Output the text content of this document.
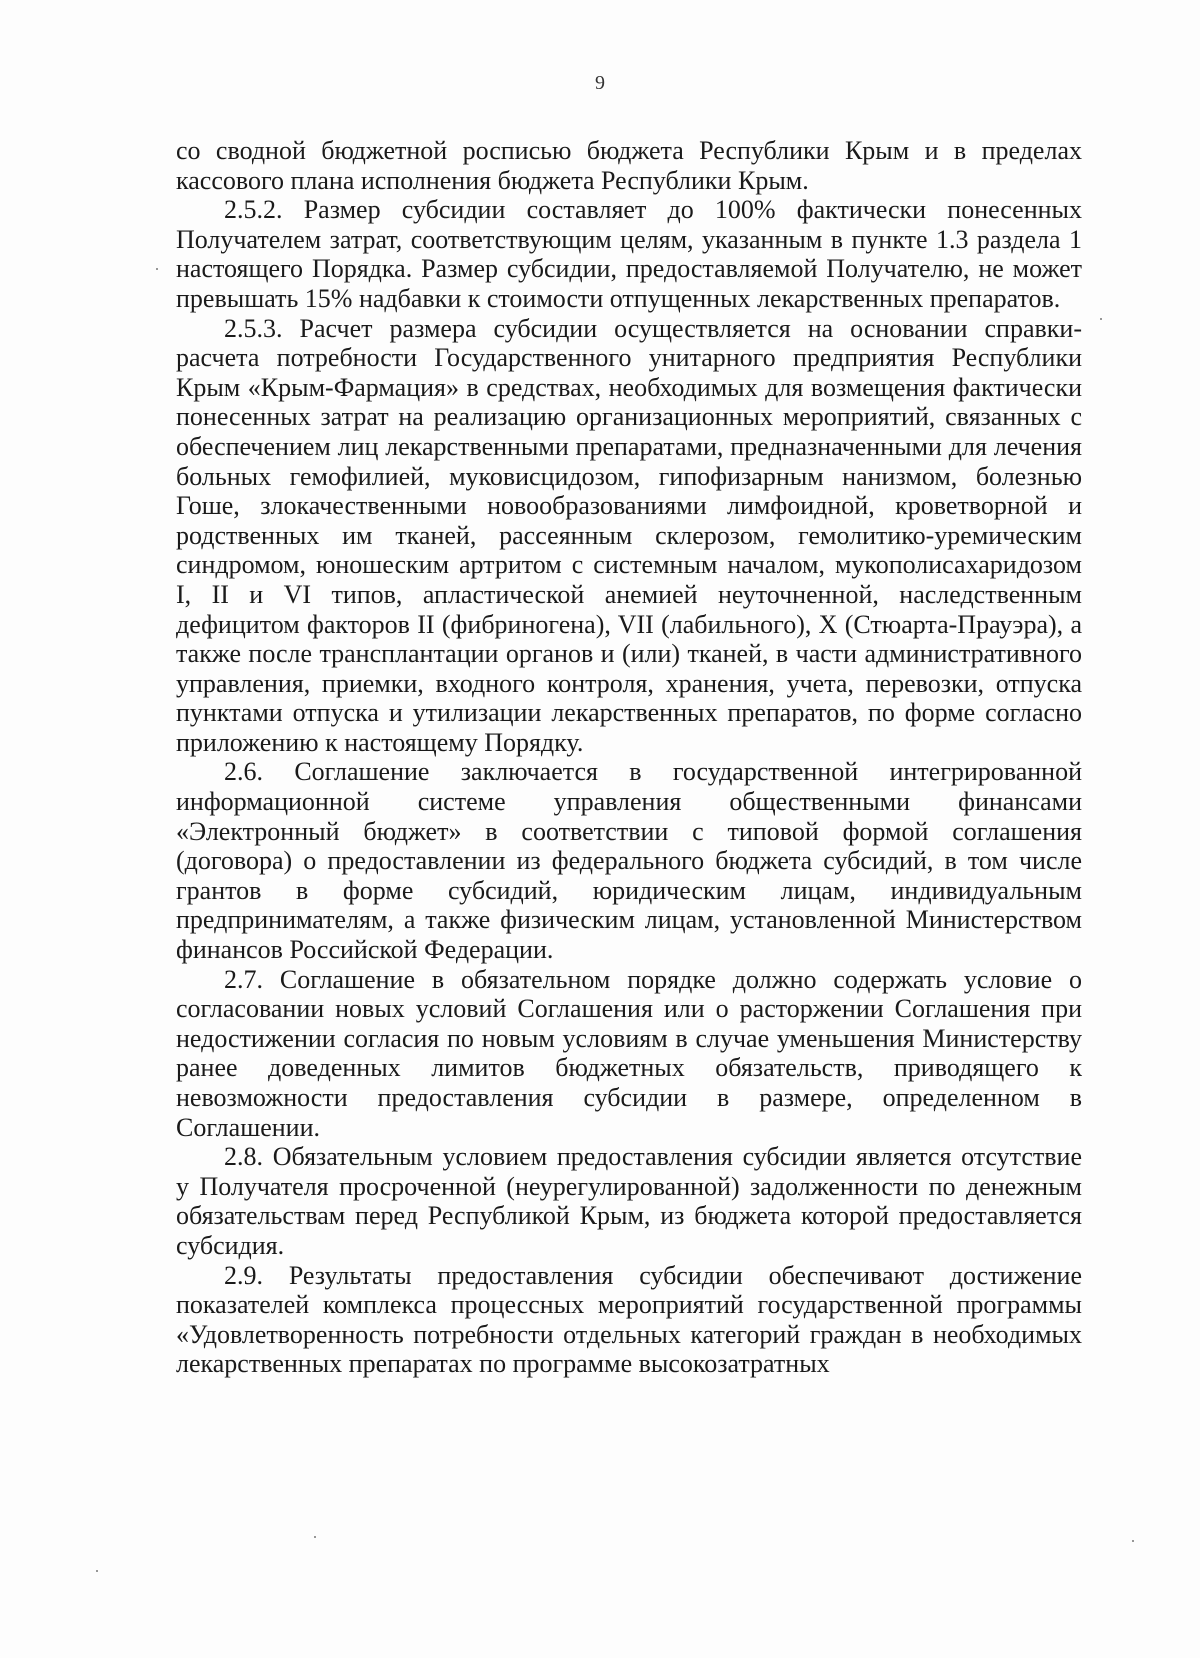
9

со сводной бюджетной росписью бюджета Республики Крым и в пределах кассового плана исполнения бюджета Республики Крым.

2.5.2. Размер субсидии составляет до 100% фактически понесенных Получателем затрат, соответствующим целям, указанным в пункте 1.3 раздела 1 настоящего Порядка. Размер субсидии, предоставляемой Получателю, не может превышать 15% надбавки к стоимости отпущенных лекарственных препаратов.

2.5.3. Расчет размера субсидии осуществляется на основании справки-расчета потребности Государственного унитарного предприятия Республики Крым «Крым-Фармация» в средствах, необходимых для возмещения фактически понесенных затрат на реализацию организационных мероприятий, связанных с обеспечением лиц лекарственными препаратами, предназначенными для лечения больных гемофилией, муковисцидозом, гипофизарным нанизмом, болезнью Гоше, злокачественными новообразованиями лимфоидной, кроветворной и родственных им тканей, рассеянным склерозом, гемолитико-уремическим синдромом, юношеским артритом с системным началом, мукополисахаридозом I, II и VI типов, апластической анемией неуточненной, наследственным дефицитом факторов II (фибриногена), VII (лабильного), X (Стюарта-Прауэра), а также после трансплантации органов и (или) тканей, в части административного управления, приемки, входного контроля, хранения, учета, перевозки, отпуска пунктами отпуска и утилизации лекарственных препаратов, по форме согласно приложению к настоящему Порядку.

2.6. Соглашение заключается в государственной интегрированной информационной системе управления общественными финансами «Электронный бюджет» в соответствии с типовой формой соглашения (договора) о предоставлении из федерального бюджета субсидий, в том числе грантов в форме субсидий, юридическим лицам, индивидуальным предпринимателям, а также физическим лицам, установленной Министерством финансов Российской Федерации.

2.7. Соглашение в обязательном порядке должно содержать условие о согласовании новых условий Соглашения или о расторжении Соглашения при недостижении согласия по новым условиям в случае уменьшения Министерству ранее доведенных лимитов бюджетных обязательств, приводящего к невозможности предоставления субсидии в размере, определенном в Соглашении.

2.8. Обязательным условием предоставления субсидии является отсутствие у Получателя просроченной (неурегулированной) задолженности по денежным обязательствам перед Республикой Крым, из бюджета которой предоставляется субсидия.

2.9. Результаты предоставления субсидии обеспечивают достижение показателей комплекса процессных мероприятий государственной программы «Удовлетворенность потребности отдельных категорий граждан в необходимых лекарственных препаратах по программе высокозатратных
